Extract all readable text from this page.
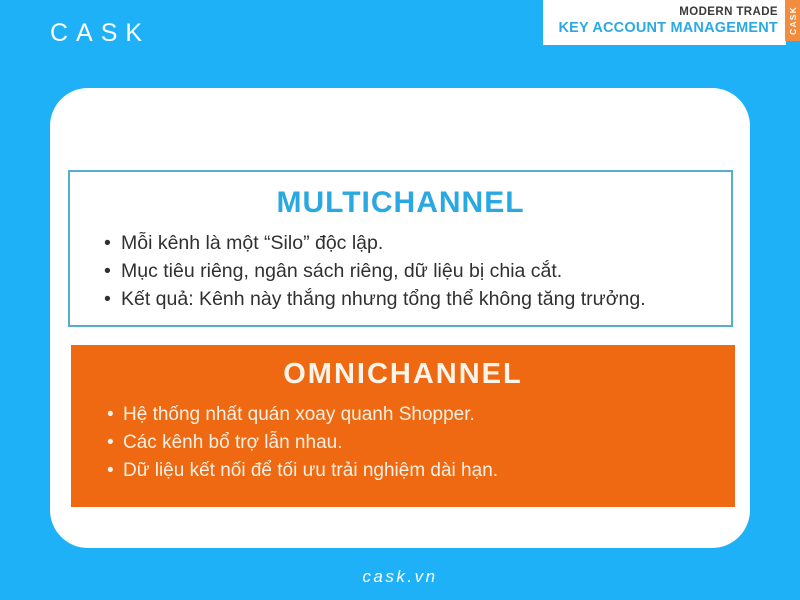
CASK
MODERN TRADE
KEY ACCOUNT MANAGEMENT CASK
MULTICHANNEL
• Mỗi kênh là một “Silo” độc lập.
• Mục tiêu riêng, ngân sách riêng, dữ liệu bị chia cắt.
• Kết quả: Kênh này thắng nhưng tổng thể không tăng trưởng.
OMNICHANNEL
• Hệ thống nhất quán xoay quanh Shopper.
• Các kênh bổ trợ lẫn nhau.
• Dữ liệu kết nối để tối ưu trải nghiệm dài hạn.
cask.vn
